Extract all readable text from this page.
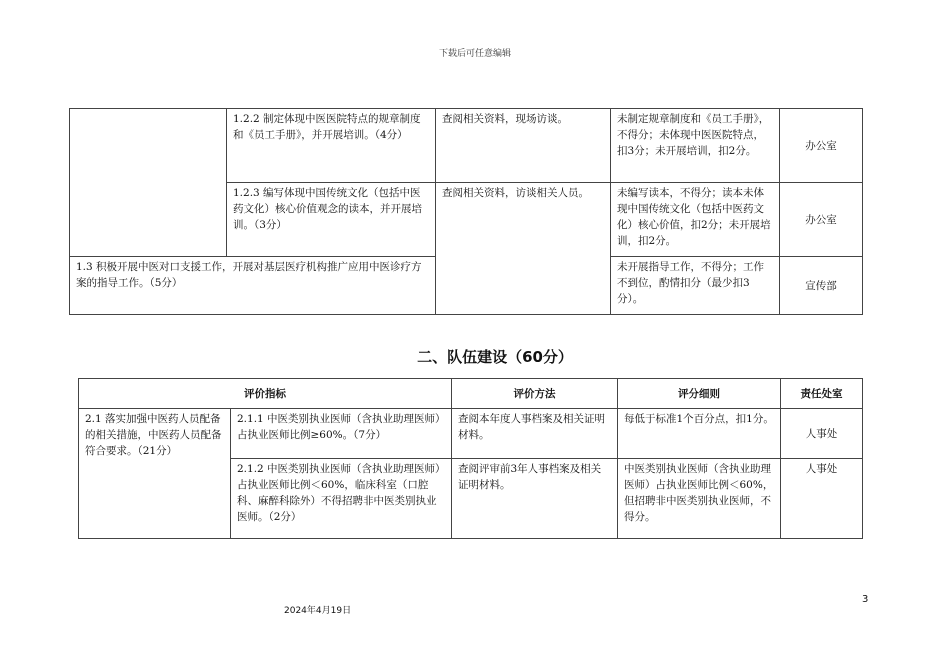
下载后可任意编辑
	1.2.2 制定体现中医医院特点的规章制度和《员工手册》，并开展培训。（4分）	查阅相关资料，现场访谈。	未制定规章制度和《员工手册》，不得分；未体现中医医院特点，扣3分；未开展培训，扣2分。	办公室
	1.2.3 编写体现中国传统文化（包括中医药文化）核心价值观念的读本，并开展培训。（3分）	查阅相关资料，访谈相关人员。	未编写读本，不得分；读本未体现中国传统文化（包括中医药文化）核心价值，扣2分；未开展培训，扣2分。	办公室
1.3 积极开展中医对口支援工作，开展对基层医疗机构推广应用中医诊疗方案的指导工作。（5分）			未开展指导工作，不得分；工作不到位，酌情扣分（最少扣3分）。	宣传部
二、队伍建设（60分）
评价指标		评价方法	评分细则	责任处室
2.1 落实加强中医药人员配备的相关措施，中医药人员配备符合要求。（21分）	2.1.1 中医类别执业医师（含执业助理医师）占执业医师比例≥60%。（7分）	查阅本年度人事档案及相关证明材料。	每低于标准1个百分点，扣1分。	人事处
	2.1.2 中医类别执业医师（含执业助理医师）占执业医师比例＜60%，临床科室（口腔科、麻醉科除外）不得招聘非中医类别执业医师。（2分）	查阅评审前3年人事档案及相关证明材料。	中医类别执业医师（含执业助理医师）占执业医师比例＜60%，但招聘非中医类别执业医师，不得分。	人事处
3
2024年4月19日
